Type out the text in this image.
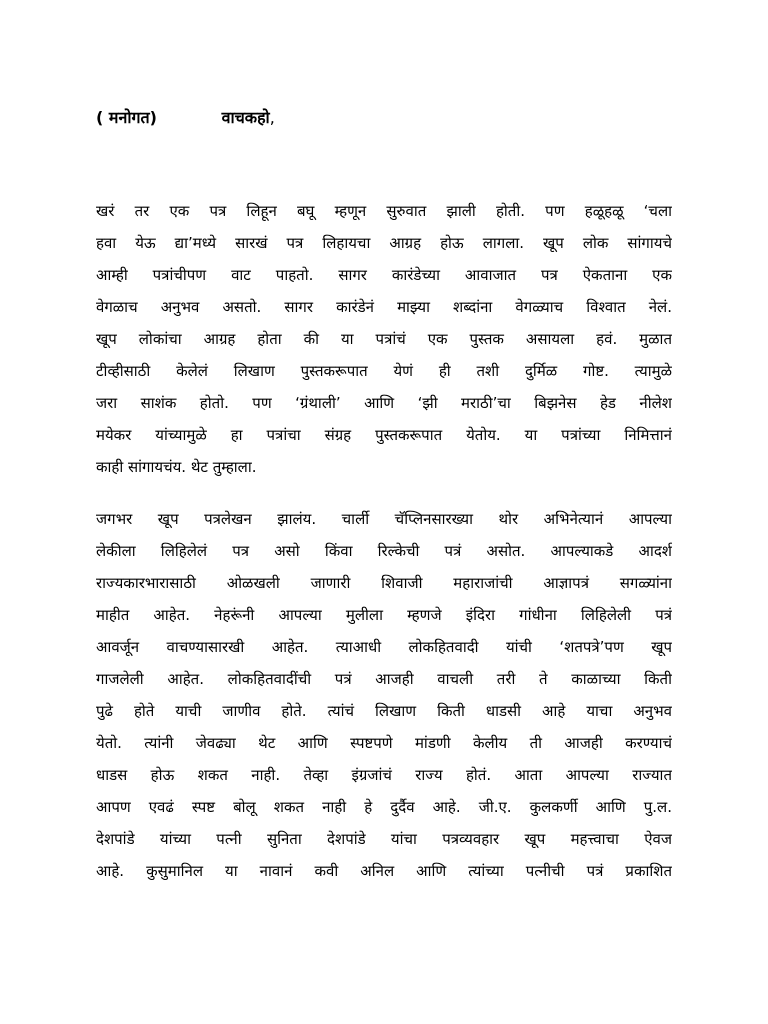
( मनोगत)	वाचकहो,

खरं तर एक पत्र लिहून बघू म्हणून सुरुवात झाली होती. पण हळूहळू ‘चला
हवा येऊ द्या’मध्ये सारखं पत्र लिहायचा आग्रह होऊ लागला. खूप लोक सांगायचे
आम्ही पत्रांचीपण वाट पाहतो. सागर कारंडेच्या आवाजात पत्र ऐकताना एक
वेगळाच अनुभव असतो. सागर कारंडेनं माझ्या शब्दांना वेगळ्याच विश्वात नेलं.
खूप लोकांचा आग्रह होता की या पत्रांचं एक पुस्तक असायला हवं. मुळात
टीव्हीसाठी केलेलं लिखाण पुस्तकरूपात येणं ही तशी दुर्मिळ गोष्ट. त्यामुळे
जरा साशंक होतो. पण ‘ग्रंथाली’ आणि ‘झी मराठी’चा बिझनेस हेड नीलेश
मयेकर यांच्यामुळे हा पत्रांचा संग्रह पुस्तकरूपात येतोय. या पत्रांच्या निमित्तानं
काही सांगायचंय. थेट तुम्हाला.

जगभर खूप पत्रलेखन झालंय. चार्ली चॅप्लिनसारख्या थोर अभिनेत्यानं आपल्या
लेकीला लिहिलेलं पत्र असो किंवा रिल्केची पत्रं असोत. आपल्याकडे आदर्श
राज्यकारभारासाठी ओळखली जाणारी शिवाजी महाराजांची आज्ञापत्रं सगळ्यांना
माहीत आहेत. नेहरूंनी आपल्या मुलीला म्हणजे इंदिरा गांधीना लिहिलेली पत्रं
आवर्जून वाचण्यासारखी आहेत. त्याआधी लोकहितवादी यांची ‘शतपत्रे’पण खूप
गाजलेली आहेत. लोकहितवादींची पत्रं आजही वाचली तरी ते काळाच्या किती
पुढे होते याची जाणीव होते. त्यांचं लिखाण किती धाडसी आहे याचा अनुभव
येतो. त्यांनी जेवढ्या थेट आणि स्पष्टपणे मांडणी केलीय ती आजही करण्याचं
धाडस होऊ शकत नाही. तेव्हा इंग्रजांचं राज्य होतं. आता आपल्या राज्यात
आपण एवढं स्पष्ट बोलू शकत नाही हे दुर्दैव आहे. जी.ए. कुलकर्णी आणि पु.ल.
देशपांडे यांच्या पत्नी सुनिता देशपांडे यांचा पत्रव्यवहार खूप महत्त्वाचा ऐवज
आहे. कुसुमानिल या नावानं कवी अनिल आणि त्यांच्या पत्नीची पत्रं प्रकाशित
